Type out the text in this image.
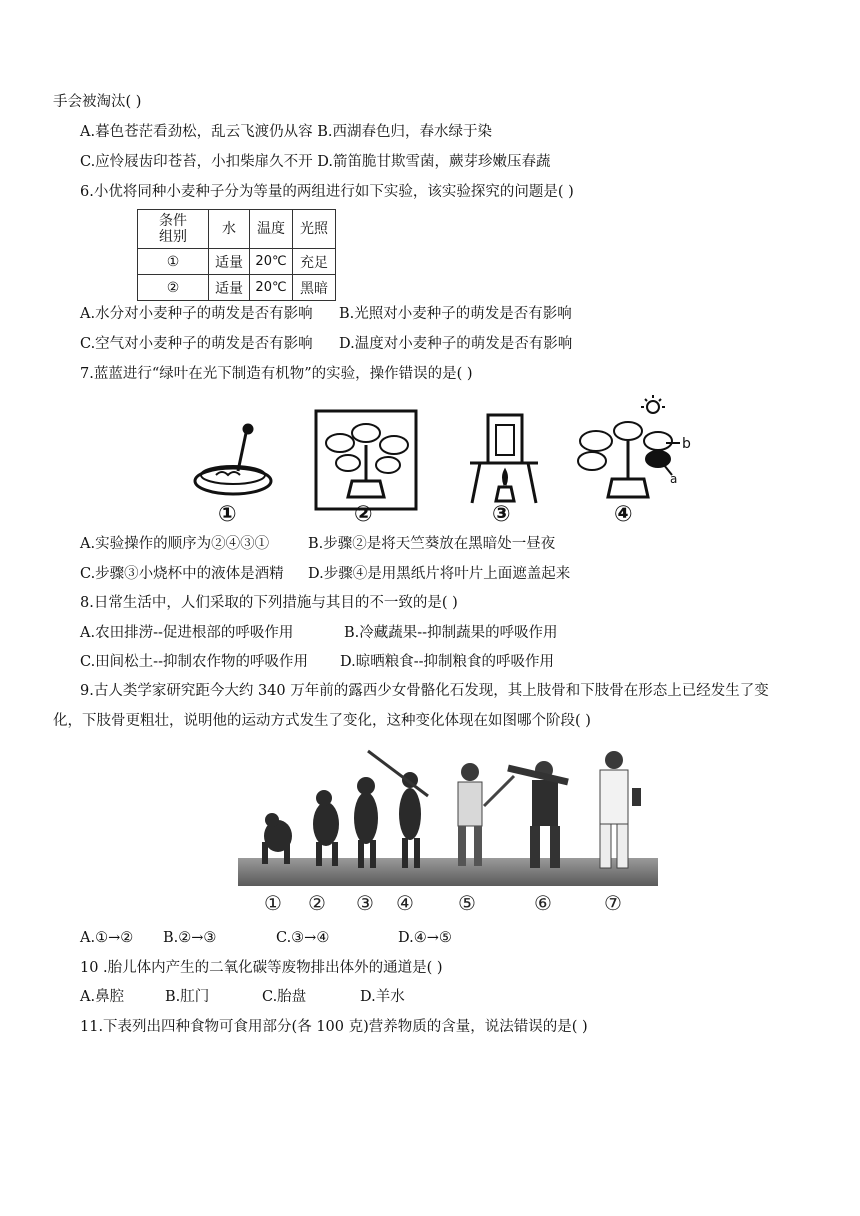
手会被淘汰( )
A.暮色苍茫看劲松，乱云飞渡仍从容 B.西湖春色归，春水绿于染
C.应怜屐齿印苍苔，小扣柴扉久不开 D.箭笛脆甘欺雪菌，蕨芽珍嫩压春蔬
6.小优将同种小麦种子分为等量的两组进行如下实验，该实验探究的问题是( )
条件
组别	水	温度	光照
①	适量	20℃	充足
②	适量	20℃	黑暗
A.水分对小麦种子的萌发是否有影响 B.光照对小麦种子的萌发是否有影响
C.空气对小麦种子的萌发是否有影响 D.温度对小麦种子的萌发是否有影响
7.蓝蓝进行“绿叶在光下制造有机物”的实验，操作错误的是( )
b
a
①	②	③	④
A.实验操作的顺序为②④③①	B.步骤②是将天竺葵放在黑暗处一昼夜
C.步骤③小烧杯中的液体是酒精 D.步骤④是用黑纸片将叶片上面遮盖起来
8.日常生活中，人们采取的下列措施与其目的不一致的是( )
A.农田排涝--促进根部的呼吸作用	B.冷藏蔬果--抑制蔬果的呼吸作用
C.田间松土--抑制农作物的呼吸作用 D.晾晒粮食--抑制粮食的呼吸作用
9.古人类学家研究距今大约 340 万年前的露西少女骨骼化石发现，其上肢骨和下肢骨在形态上已经发生了变
化，下肢骨更粗壮，说明他的运动方式发生了变化，这种变化体现在如图哪个阶段( )
① ② ③ ④ ⑤	⑥	⑦
A.①→② B.②→③	C.③→④	D.④→⑤
10 .胎儿体内产生的二氧化碳等废物排出体外的通道是( )
A.鼻腔	B.肛门	C.胎盘	D.羊水
11.下表列出四种食物可食用部分(各 100 克)营养物质的含量，说法错误的是( )
